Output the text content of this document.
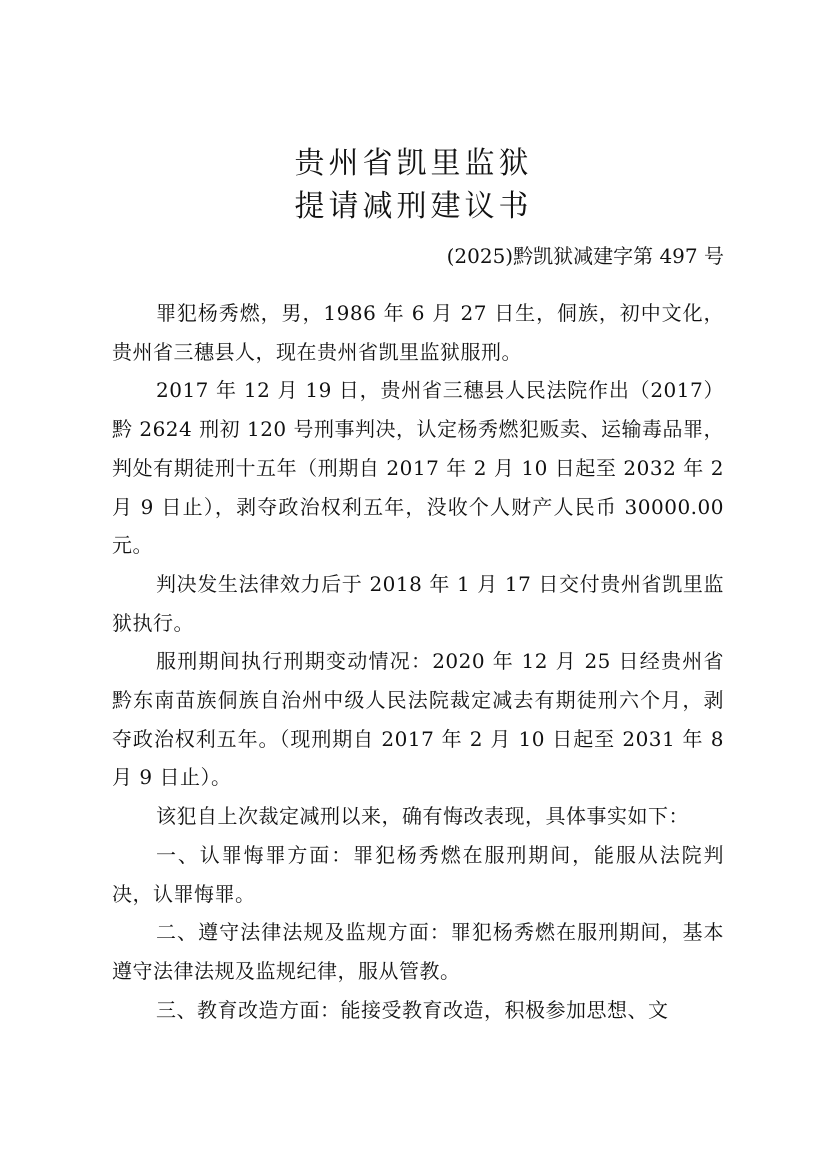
贵州省凯里监狱
提请减刑建议书
(2025)黔凯狱减建字第 497 号

罪犯杨秀燃，男，1986 年 6 月 27 日生，侗族，初中文化，贵州省三穗县人，现在贵州省凯里监狱服刑。

2017 年 12 月 19 日，贵州省三穗县人民法院作出（2017）黔 2624 刑初 120 号刑事判决，认定杨秀燃犯贩卖、运输毒品罪，判处有期徒刑十五年（刑期自 2017 年 2 月 10 日起至 2032 年 2 月 9 日止），剥夺政治权利五年，没收个人财产人民币 30000.00 元。

判决发生法律效力后于 2018 年 1 月 17 日交付贵州省凯里监狱执行。

服刑期间执行刑期变动情况：2020 年 12 月 25 日经贵州省黔东南苗族侗族自治州中级人民法院裁定减去有期徒刑六个月，剥夺政治权利五年。（现刑期自 2017 年 2 月 10 日起至 2031 年 8 月 9 日止）。

该犯自上次裁定减刑以来，确有悔改表现，具体事实如下：

一、认罪悔罪方面：罪犯杨秀燃在服刑期间，能服从法院判决，认罪悔罪。

二、遵守法律法规及监规方面：罪犯杨秀燃在服刑期间，基本遵守法律法规及监规纪律，服从管教。

三、教育改造方面：能接受教育改造，积极参加思想、文
